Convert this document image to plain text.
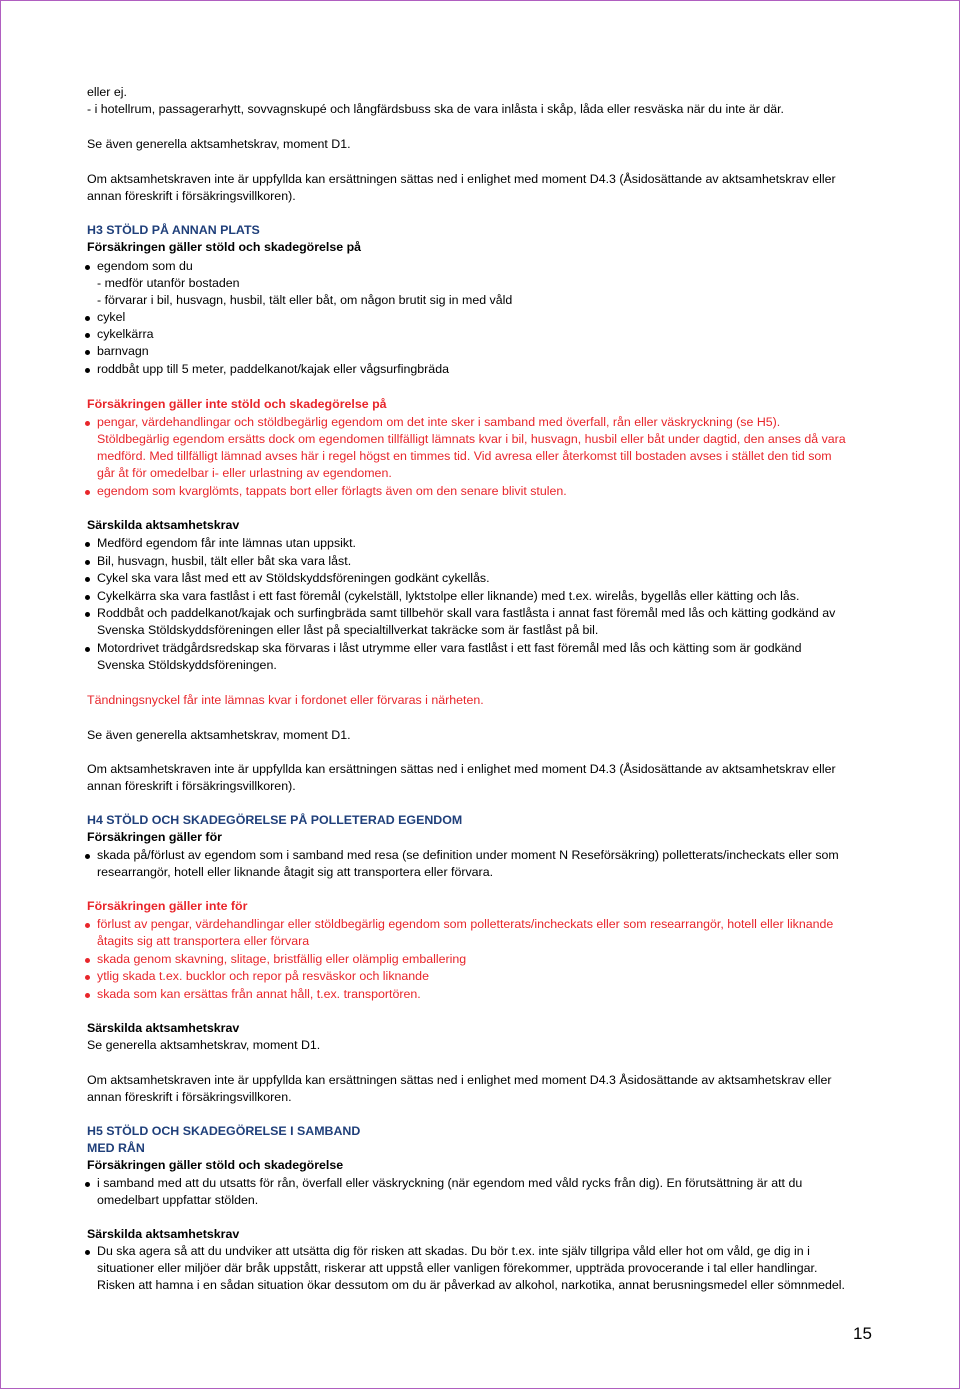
eller ej.
- i hotellrum, passagerarhytt, sovvagnskupé och långfärdsbuss ska de vara inlåsta i skåp, låda eller resväska när du inte är där.
Se även generella aktsamhetskrav, moment D1.
Om aktsamhetskraven inte är uppfyllda kan ersättningen sättas ned i enlighet med moment D4.3 (Åsidosättande av aktsamhetskrav eller
annan föreskrift i försäkringsvillkoren).
H3 STÖLD PÅ ANNAN PLATS
Försäkringen gäller stöld och skadegörelse på
egendom som du
- medför utanför bostaden
- förvarar i bil, husvagn, husbil, tält eller båt, om någon brutit sig in med våld
cykel
cykelkärra
barnvagn
roddbåt upp till 5 meter, paddelkanot/kajak eller vågsurfingbräda
Försäkringen gäller inte stöld och skadegörelse på
pengar, värdehandlingar och stöldbegärlig egendom om det inte sker i samband med överfall, rån eller väskryckning (se H5).
Stöldbegärlig egendom ersätts dock om egendomen tillfälligt lämnats kvar i bil, husvagn, husbil eller båt under dagtid, den anses då vara
medförd. Med tillfälligt lämnad avses här i regel högst en timmes tid. Vid avresa eller återkomst till bostaden avses i stället den tid som
går åt för omedelbar i- eller urlastning av egendomen.
egendom som kvarglömts, tappats bort eller förlagts även om den senare blivit stulen.
Särskilda aktsamhetskrav
Medförd egendom får inte lämnas utan uppsikt.
Bil, husvagn, husbil, tält eller båt ska vara låst.
Cykel ska vara låst med ett av Stöldskyddsföreningen godkänt cykellås.
Cykelkärra ska vara fastlåst i ett fast föremål (cykelställ, lyktstolpe eller liknande) med t.ex. wirelås, bygellås eller kätting och lås.
Roddbåt och paddelkanot/kajak och surfingbräda samt tillbehör skall vara fastlåsta i annat fast föremål med lås och kätting godkänd av
Svenska Stöldskyddsföreningen eller låst på specialtillverkat takräcke som är fastlåst på bil.
Motordrivet trädgårdsredskap ska förvaras i låst utrymme eller vara fastlåst i ett fast föremål med lås och kätting som är godkänd
Svenska Stöldskyddsföreningen.
Tändningsnyckel får inte lämnas kvar i fordonet eller förvaras i närheten.
Se även generella aktsamhetskrav, moment D1.
Om aktsamhetskraven inte är uppfyllda kan ersättningen sättas ned i enlighet med moment D4.3 (Åsidosättande av aktsamhetskrav eller
annan föreskrift i försäkringsvillkoren).
H4 STÖLD OCH SKADEGÖRELSE PÅ POLLETERAD EGENDOM
Försäkringen gäller för
skada på/förlust av egendom som i samband med resa (se definition under moment N Reseförsäkring) polletterats/incheckats eller som
researrangör, hotell eller liknande åtagit sig att transportera eller förvara.
Försäkringen gäller inte för
förlust av pengar, värdehandlingar eller stöldbegärlig egendom som polletterats/incheckats eller som researrangör, hotell eller liknande
åtagits sig att transportera eller förvara
skada genom skavning, slitage, bristfällig eller olämplig emballering
ytlig skada t.ex. bucklor och repor på resväskor och liknande
skada som kan ersättas från annat håll, t.ex. transportören.
Särskilda aktsamhetskrav
Se generella aktsamhetskrav, moment D1.
Om aktsamhetskraven inte är uppfyllda kan ersättningen sättas ned i enlighet med moment D4.3 Åsidosättande av aktsamhetskrav eller
annan föreskrift i försäkringsvillkoren.
H5 STÖLD OCH SKADEGÖRELSE I SAMBAND
MED RÅN
Försäkringen gäller stöld och skadegörelse
i samband med att du utsatts för rån, överfall eller väskryckning (när egendom med våld rycks från dig). En förutsättning är att du
omedelbart uppfattar stölden.
Särskilda aktsamhetskrav
Du ska agera så att du undviker att utsätta dig för risken att skadas. Du bör t.ex. inte själv tillgripa våld eller hot om våld, ge dig in i
situationer eller miljöer där bråk uppstått, riskerar att uppstå eller vanligen förekommer, uppträda provocerande i tal eller handlingar.
Risken att hamna i en sådan situation ökar dessutom om du är påverkad av alkohol, narkotika, annat berusningsmedel eller sömnmedel.
15
